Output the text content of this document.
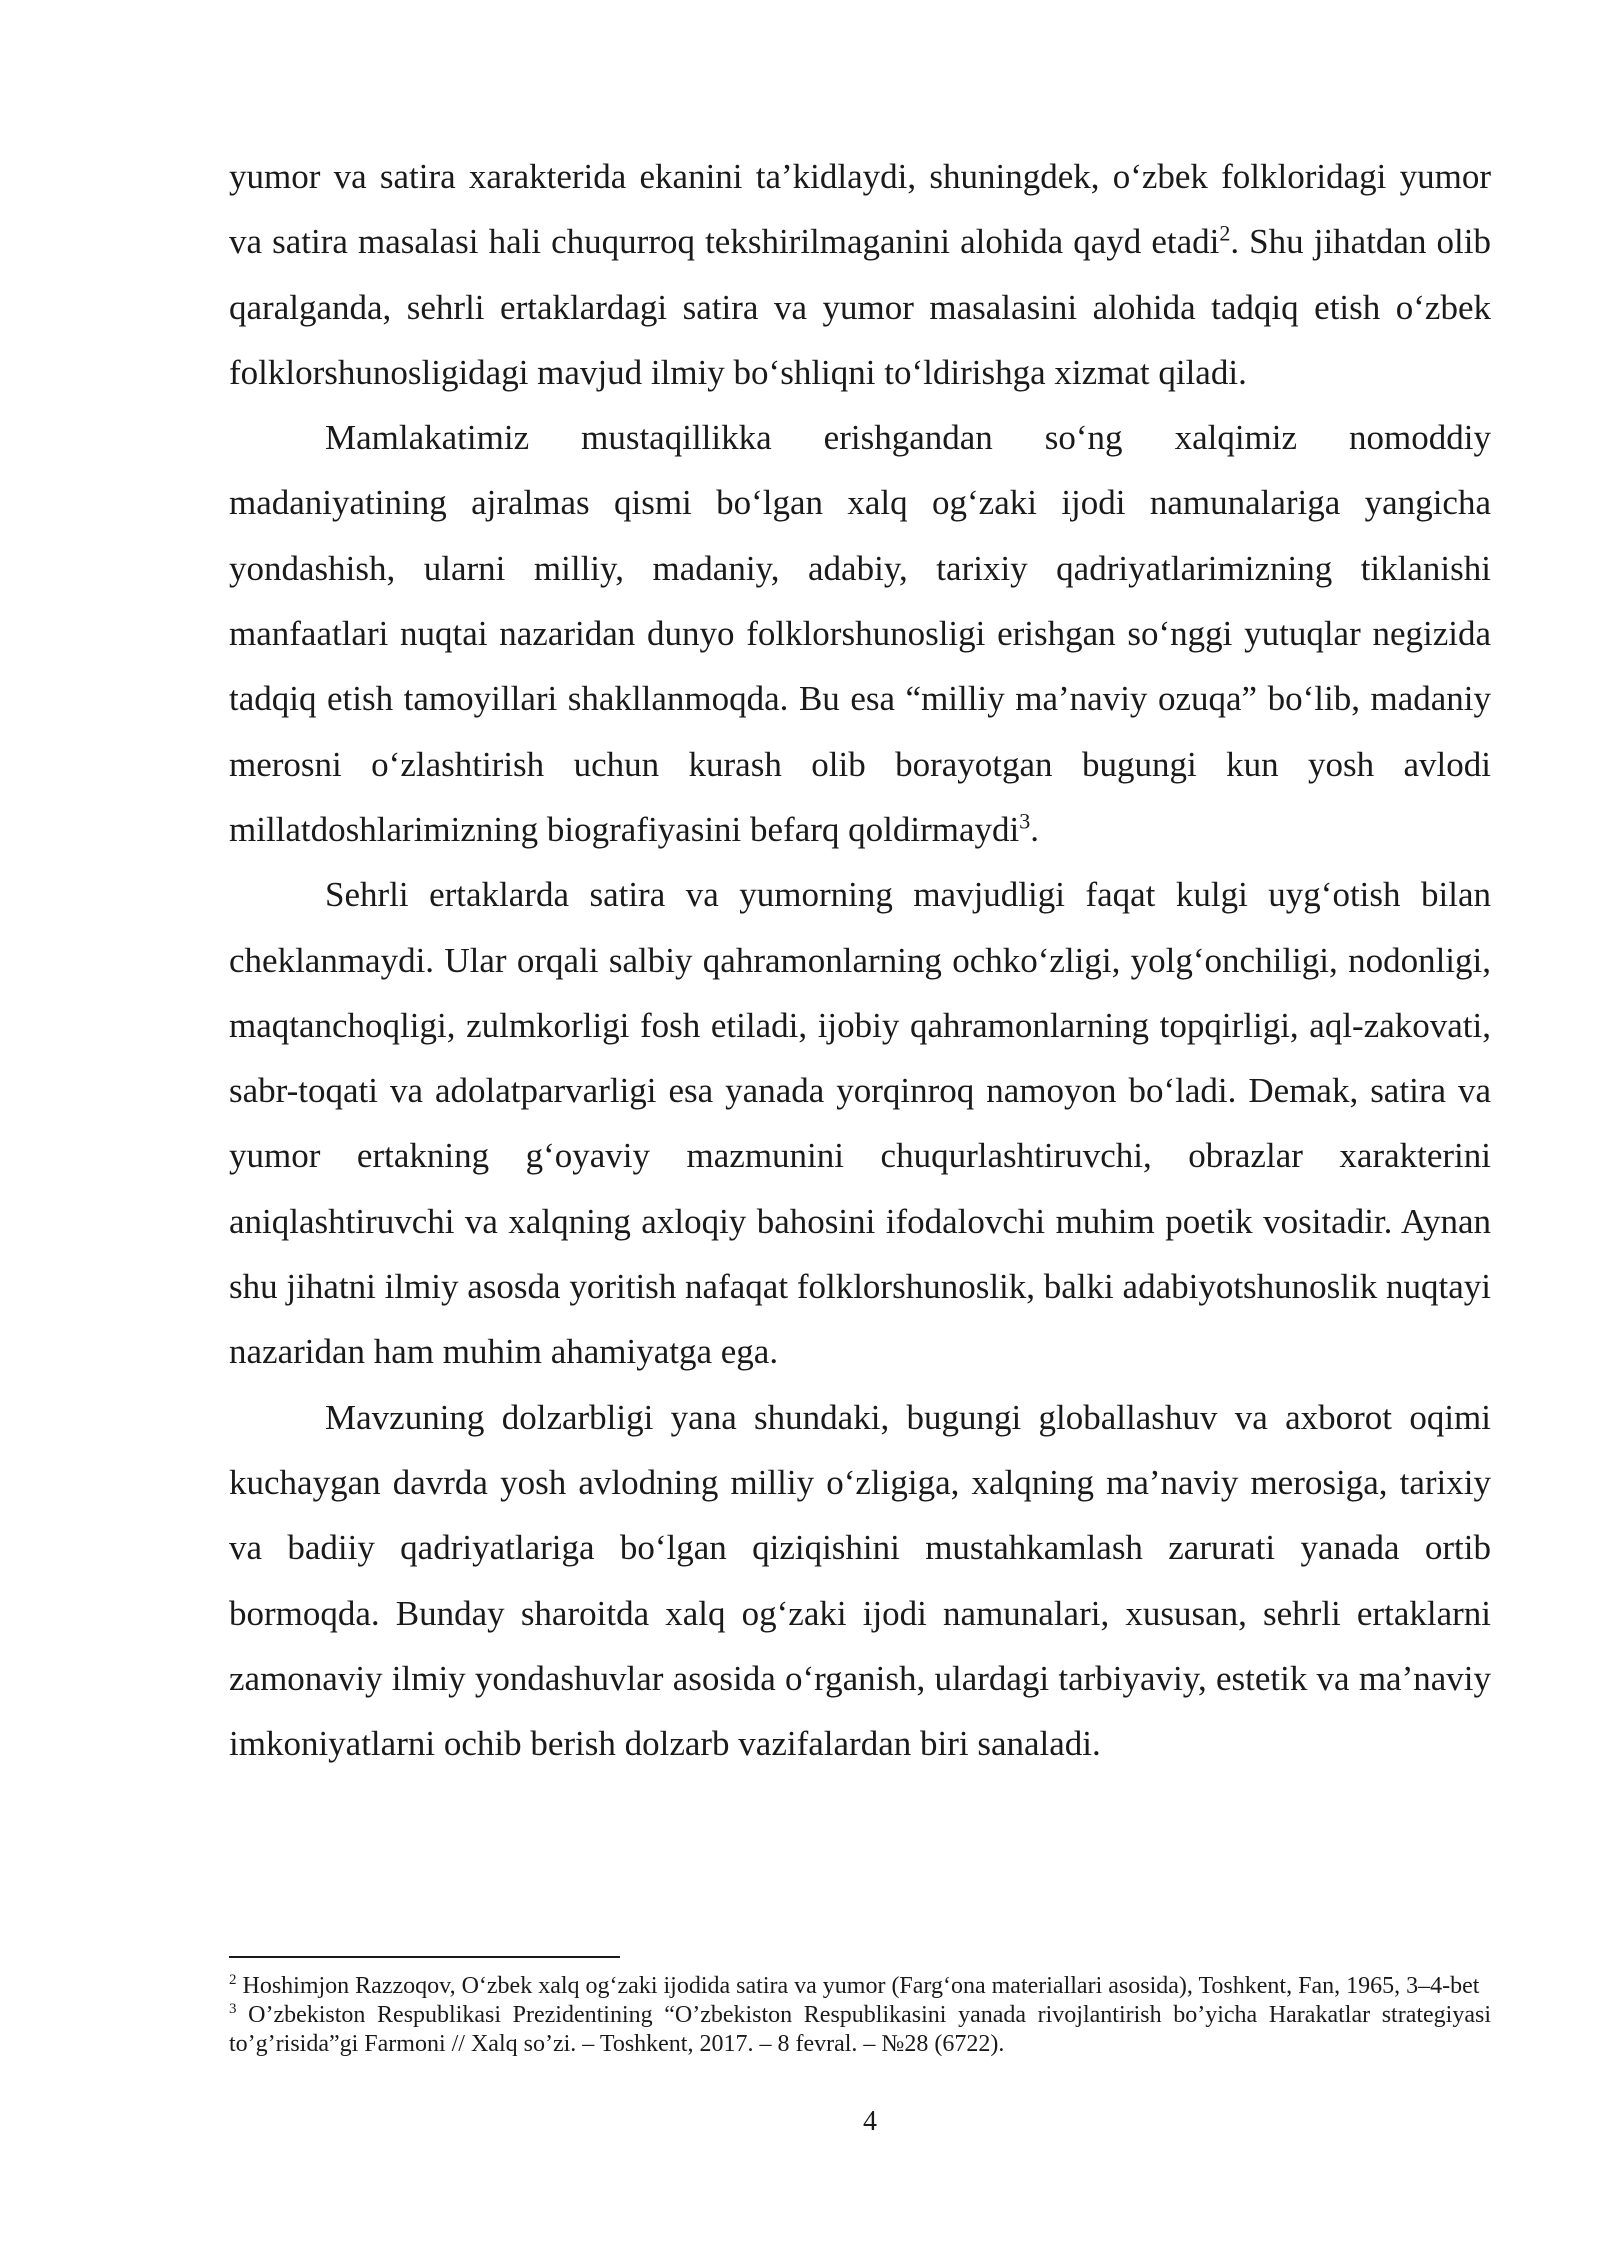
yumor va satira xarakterida ekanini ta’kidlaydi, shuningdek, o‘zbek folkloridagi yumor va satira masalasi hali chuqurroq tekshirilmaganini alohida qayd etadi$^2$. Shu jihatdan olib qaralganda, sehrli ertaklardagi satira va yumor masalasini alohida tadqiq etish o‘zbek folklorshunosligidagi mavjud ilmiy bo‘shliqni to‘ldirishga xizmat qiladi.

Mamlakatimiz mustaqillikka erishgandan so‘ng xalqimiz nomoddiy madaniyatining ajralmas qismi bo‘lgan xalq og‘zaki ijodi namunalariga yangicha yondashish, ularni milliy, madaniy, adabiy, tarixiy qadriyatlarimizning tiklanishi manfaatlari nuqtai nazaridan dunyo folklorshunosligi erishgan so‘nggi yutuqlar negizida tadqiq etish tamoyillari shakllanmoqda. Bu esa “milliy ma’naviy ozuqa” bo‘lib, madaniy merosni o‘zlashtirish uchun kurash olib borayotgan bugungi kun yosh avlodi millatdoshlarimizning biografiyasini befarq qoldirmaydi$^3$.

Sehrli ertaklarda satira va yumorning mavjudligi faqat kulgi uyg‘otish bilan cheklanmaydi. Ular orqali salbiy qahramonlarning ochko‘zligi, yolg‘onchiligi, nodonligi, maqtanchoqligi, zulmkorligi fosh etiladi, ijobiy qahramonlarning topqirligi, aql-zakovati, sabr-toqati va adolatparvarligi esa yanada yorqinroq namoyon bo‘ladi. Demak, satira va yumor ertakning g‘oyaviy mazmunini chuqurlashtiruvchi, obrazlar xarakterini aniqlashtiruvchi va xalqning axloqiy bahosini ifodalovchi muhim poetik vositadir. Aynan shu jihatni ilmiy asosda yoritish nafaqat folklorshunoslik, balki adabiyotshunoslik nuqtayi nazaridan ham muhim ahamiyatga ega.

Mavzuning dolzarbligi yana shundaki, bugungi globallashuv va axborot oqimi kuchaygan davrda yosh avlodning milliy o‘zligiga, xalqning ma’naviy merosiga, tarixiy va badiiy qadriyatlariga bo‘lgan qiziqishini mustahkamlash zarurati yanada ortib bormoqda. Bunday sharoitda xalq og‘zaki ijodi namunalari, xususan, sehrli ertaklarni zamonaviy ilmiy yondashuvlar asosida o‘rganish, ulardagi tarbiyaviy, estetik va ma’naviy imkoniyatlarni ochib berish dolzarb vazifalardan biri sanaladi.

$^2$ Hoshimjon Razzoqov, O‘zbek xalq og‘zaki ijodida satira va yumor (Farg‘ona materiallari asosida), Toshkent, Fan, 1965, 3–4-bet

$^3$ O’zbekiston Respublikasi Prezidentining “O’zbekiston Respublikasini yanada rivojlantirish bo’yicha Harakatlar strategiyasi to’g’risida”gi Farmoni // Xalq so’zi. – Toshkent, 2017. – 8 fevral. – №28 (6722).

4
